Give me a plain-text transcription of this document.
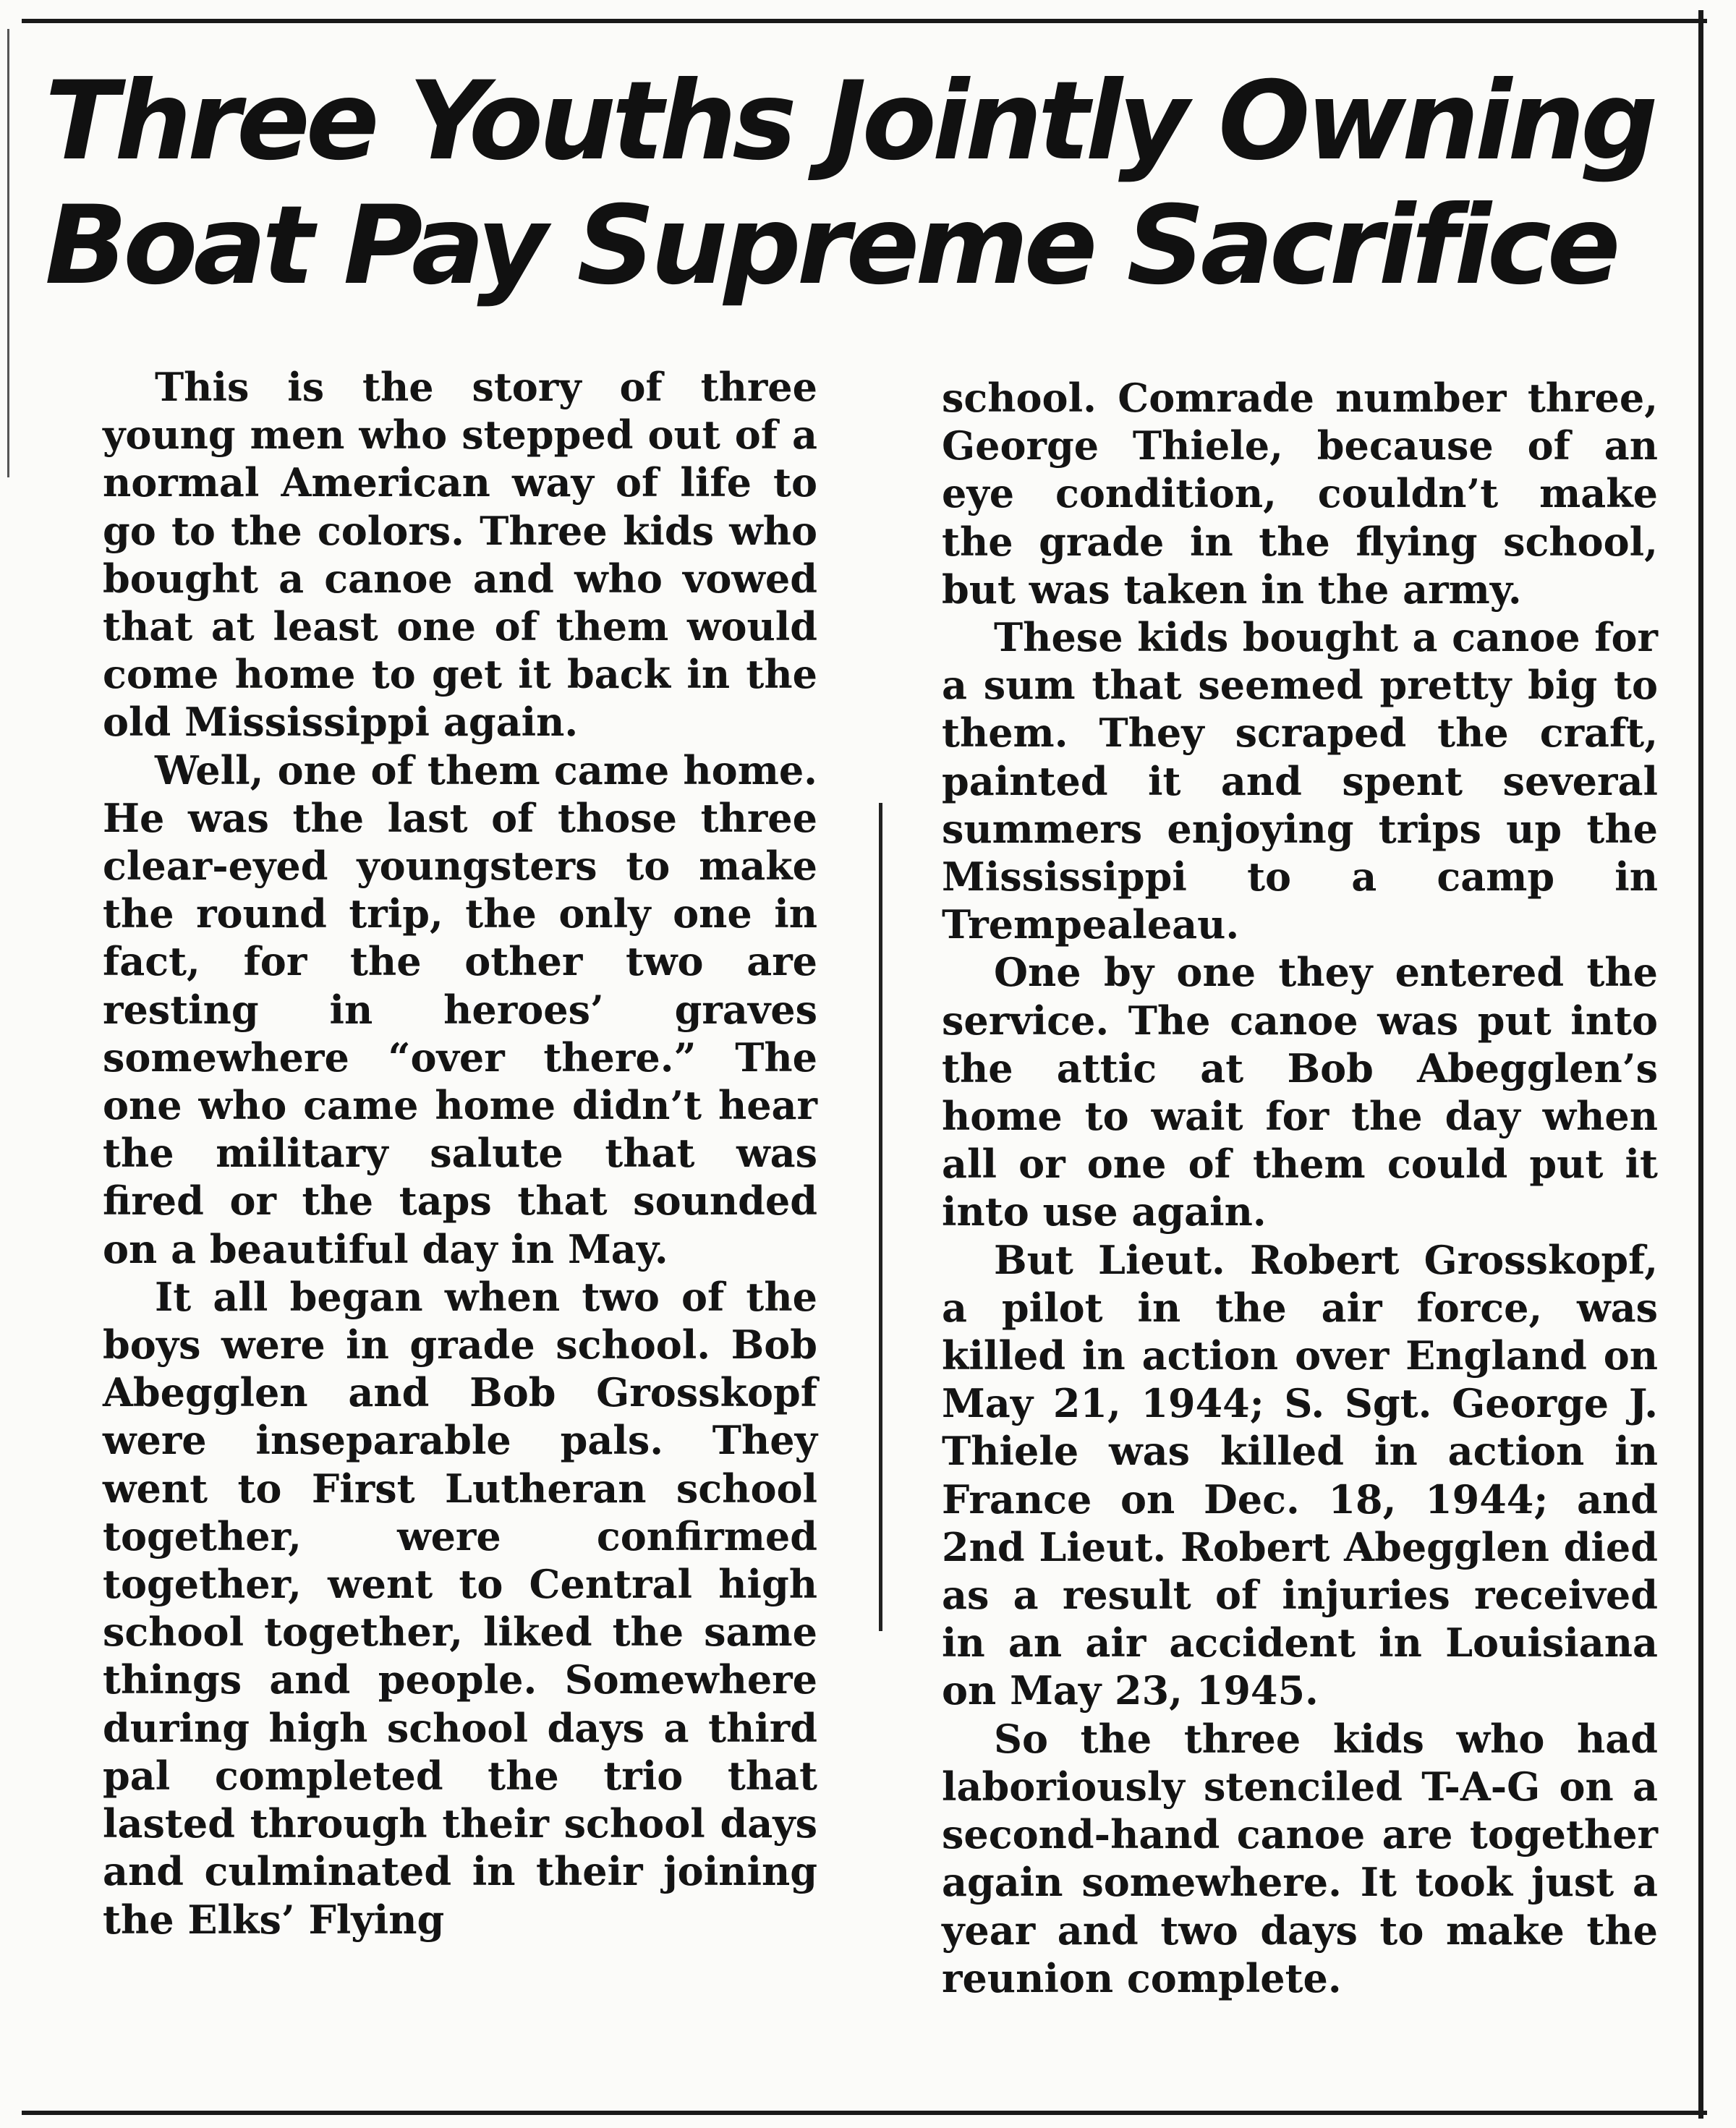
Three Youths Jointly Owning
Boat Pay Supreme Sacrifice

This is the story of three young men who stepped out of a normal American way of life to go to the colors. Three kids who bought a canoe and who vowed that at least one of them would come home to get it back in the old Mississippi again.

Well, one of them came home. He was the last of those three clear-eyed youngsters to make the round trip, the only one in fact, for the other two are resting in heroes’ graves somewhere “over there.” The one who came home didn’t hear the military salute that was fired or the taps that sounded on a beautiful day in May.

It all began when two of the boys were in grade school. Bob Abegglen and Bob Grosskopf were inseparable pals. They went to First Lutheran school together, were confirmed together, went to Central high school together, liked the same things and people. Somewhere during high school days a third pal completed the trio that lasted through their school days and culminated in their joining the Elks’ Flying

school. Comrade number three, George Thiele, because of an eye condition, couldn’t make the grade in the flying school, but was taken in the army.

These kids bought a canoe for a sum that seemed pretty big to them. They scraped the craft, painted it and spent several summers enjoying trips up the Mississippi to a camp in Trempealeau.

One by one they entered the service. The canoe was put into the attic at Bob Abegglen’s home to wait for the day when all or one of them could put it into use again.

But Lieut. Robert Grosskopf, a pilot in the air force, was killed in action over England on May 21, 1944; S. Sgt. George J. Thiele was killed in action in France on Dec. 18, 1944; and 2nd Lieut. Robert Abegglen died as a result of injuries received in an air accident in Louisiana on May 23, 1945.

So the three kids who had laboriously stenciled T-A-G on a second-hand canoe are together again somewhere. It took just a year and two days to make the reunion complete.
